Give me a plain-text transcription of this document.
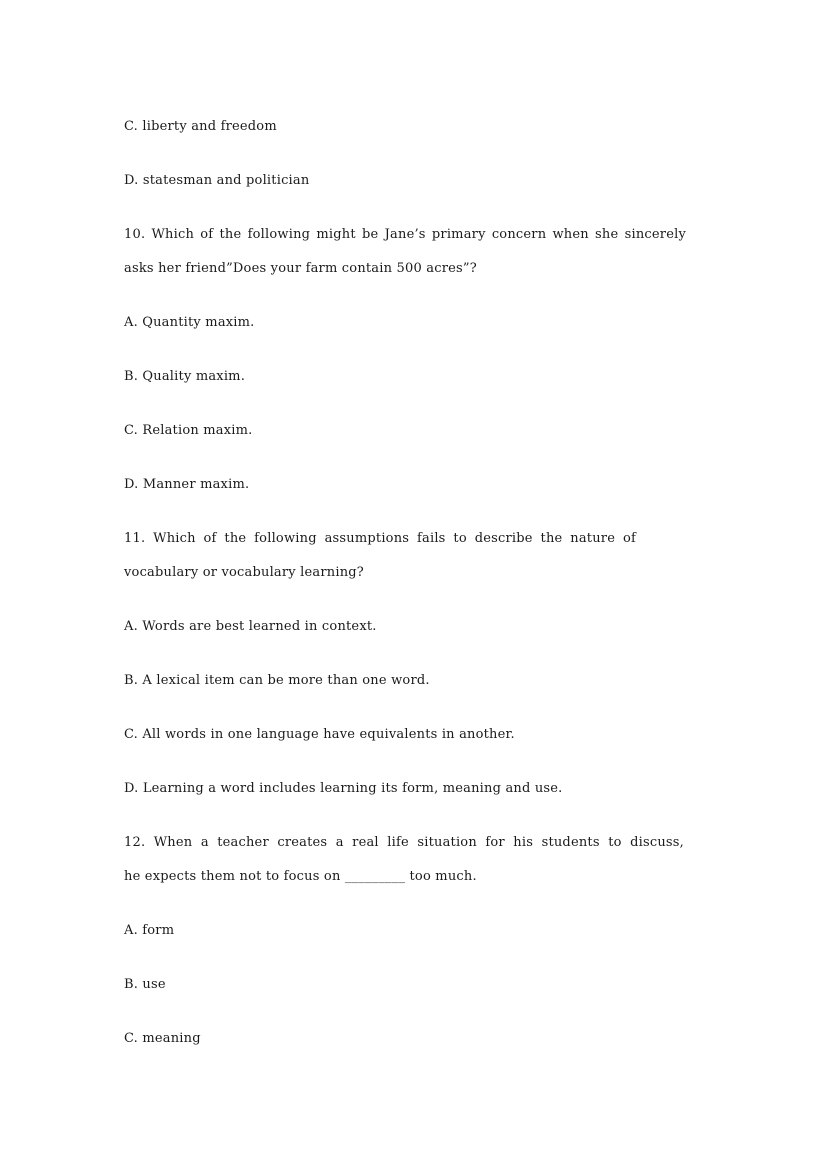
C. liberty and freedom

D. statesman and politician

10. Which of the following might be Jane’s primary concern when she sincerely

asks her friend”Does your farm contain 500 acres”?

A. Quantity maxim.

B. Quality maxim.

C. Relation maxim.

D. Manner maxim.

11. Which of the following assumptions fails to describe the nature of

vocabulary or vocabulary learning?

A. Words are best learned in context.

B. A lexical item can be more than one word.

C. All words in one language have equivalents in another.

D. Learning a word includes learning its form, meaning and use.

12. When a teacher creates a real life situation for his students to discuss,

he expects them not to focus on _________ too much.

A. form

B. use

C. meaning
